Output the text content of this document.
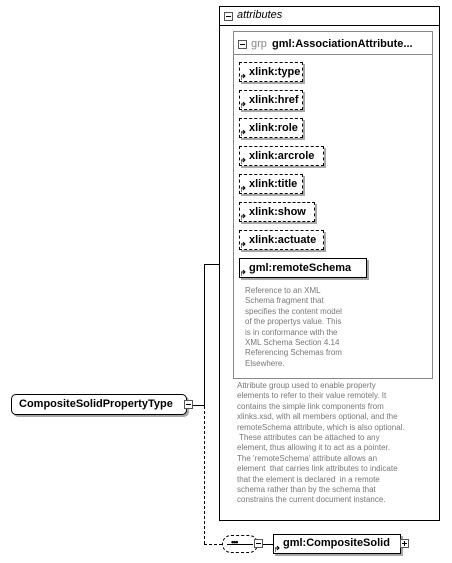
attributes
grp gml:AssociationAttribute...
xlink:type
xlink:href
xlink:role
xlink:arcrole
xlink:title
xlink:show
xlink:actuate
gml:remoteSchema
Reference to an XML
Schema fragment that
specifies the content model
of the propertys value. This
is in conformance with the
XML Schema Section 4.14
Referencing Schemas from
Elsewhere.
Attribute group used to enable property
elements to refer to their value remotely. It
contains the simple link components from
xlinks.xsd, with all members optional, and the
remoteSchema attribute, which is also optional.
These attributes can be attached to any
element, thus allowing it to act as a pointer.
The 'remoteSchema' attribute allows an
element  that carries link attributes to indicate
that the element is declared  in a remote
schema rather than by the schema that
constrains the current document instance.
CompositeSolidPropertyType
•••	gml:CompositeSolid
